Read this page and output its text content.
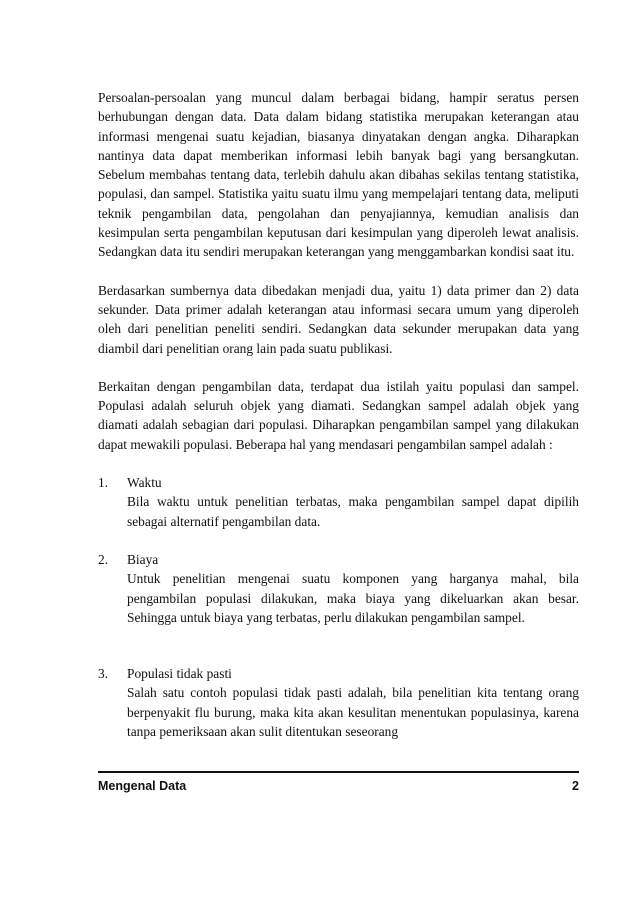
Persoalan-persoalan yang muncul dalam berbagai bidang, hampir seratus persen berhubungan dengan data. Data dalam bidang statistika merupakan keterangan atau informasi mengenai suatu kejadian, biasanya dinyatakan dengan angka. Diharapkan nantinya data dapat memberikan informasi lebih banyak bagi yang bersangkutan. Sebelum membahas tentang data, terlebih dahulu akan dibahas sekilas tentang statistika, populasi, dan sampel. Statistika yaitu suatu ilmu yang mempelajari tentang data, meliputi teknik pengambilan data, pengolahan dan penyajiannya, kemudian analisis dan kesimpulan serta pengambilan keputusan dari kesimpulan yang diperoleh lewat analisis. Sedangkan data itu sendiri merupakan keterangan yang menggambarkan kondisi saat itu.

Berdasarkan sumbernya data dibedakan menjadi dua, yaitu 1) data primer dan 2) data sekunder. Data primer adalah keterangan atau informasi secara umum yang diperoleh oleh dari penelitian peneliti sendiri. Sedangkan data sekunder merupakan data yang diambil dari penelitian orang lain pada suatu publikasi.

Berkaitan dengan pengambilan data, terdapat dua istilah yaitu populasi dan sampel. Populasi adalah seluruh objek yang diamati. Sedangkan sampel adalah objek yang diamati adalah sebagian dari populasi. Diharapkan pengambilan sampel yang dilakukan dapat mewakili populasi. Beberapa hal yang mendasari pengambilan sampel adalah :

1. Waktu
Bila waktu untuk penelitian terbatas, maka pengambilan sampel dapat dipilih sebagai alternatif pengambilan data.
2. Biaya
Untuk penelitian mengenai suatu komponen yang harganya mahal, bila pengambilan populasi dilakukan, maka biaya yang dikeluarkan akan besar. Sehingga untuk biaya yang terbatas, perlu dilakukan pengambilan sampel.
3. Populasi tidak pasti
Salah satu contoh populasi tidak pasti adalah, bila penelitian kita tentang orang berpenyakit flu burung, maka kita akan kesulitan menentukan populasinya, karena tanpa pemeriksaan akan sulit ditentukan seseorang
Mengenal Data	2
